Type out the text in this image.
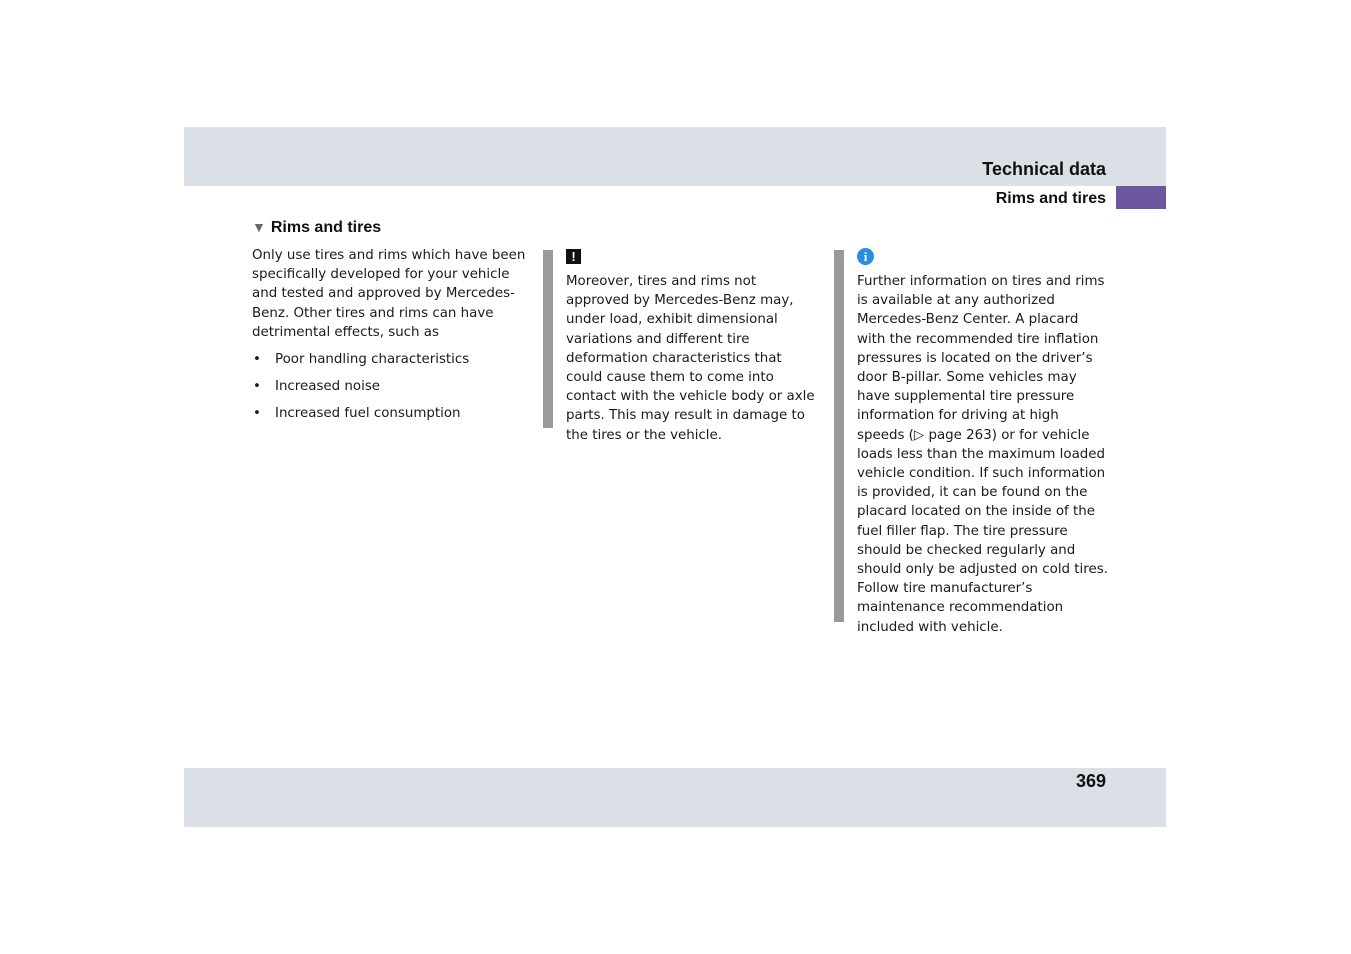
Technical data
Rims and tires
▼ Rims and tires

Only use tires and rims which have been specifically developed for your vehicle and tested and approved by Mercedes-Benz. Other tires and rims can have detrimental effects, such as

• Poor handling characteristics
• Increased noise
• Increased fuel consumption
!

Moreover, tires and rims not approved by Mercedes-Benz may, under load, exhibit dimensional variations and different tire deformation characteristics that could cause them to come into contact with the vehicle body or axle parts. This may result in damage to the tires or the vehicle.

i

Further information on tires and rims is available at any authorized Mercedes-Benz Center. A placard with the recommended tire inflation pressures is located on the driver’s door B-pillar. Some vehicles may have supplemental tire pressure information for driving at high speeds (▷ page 263) or for vehicle loads less than the maximum loaded vehicle condition. If such information is provided, it can be found on the placard located on the inside of the fuel filler flap. The tire pressure should be checked regularly and should only be adjusted on cold tires. Follow tire manufacturer’s maintenance recommendation included with vehicle.

369
